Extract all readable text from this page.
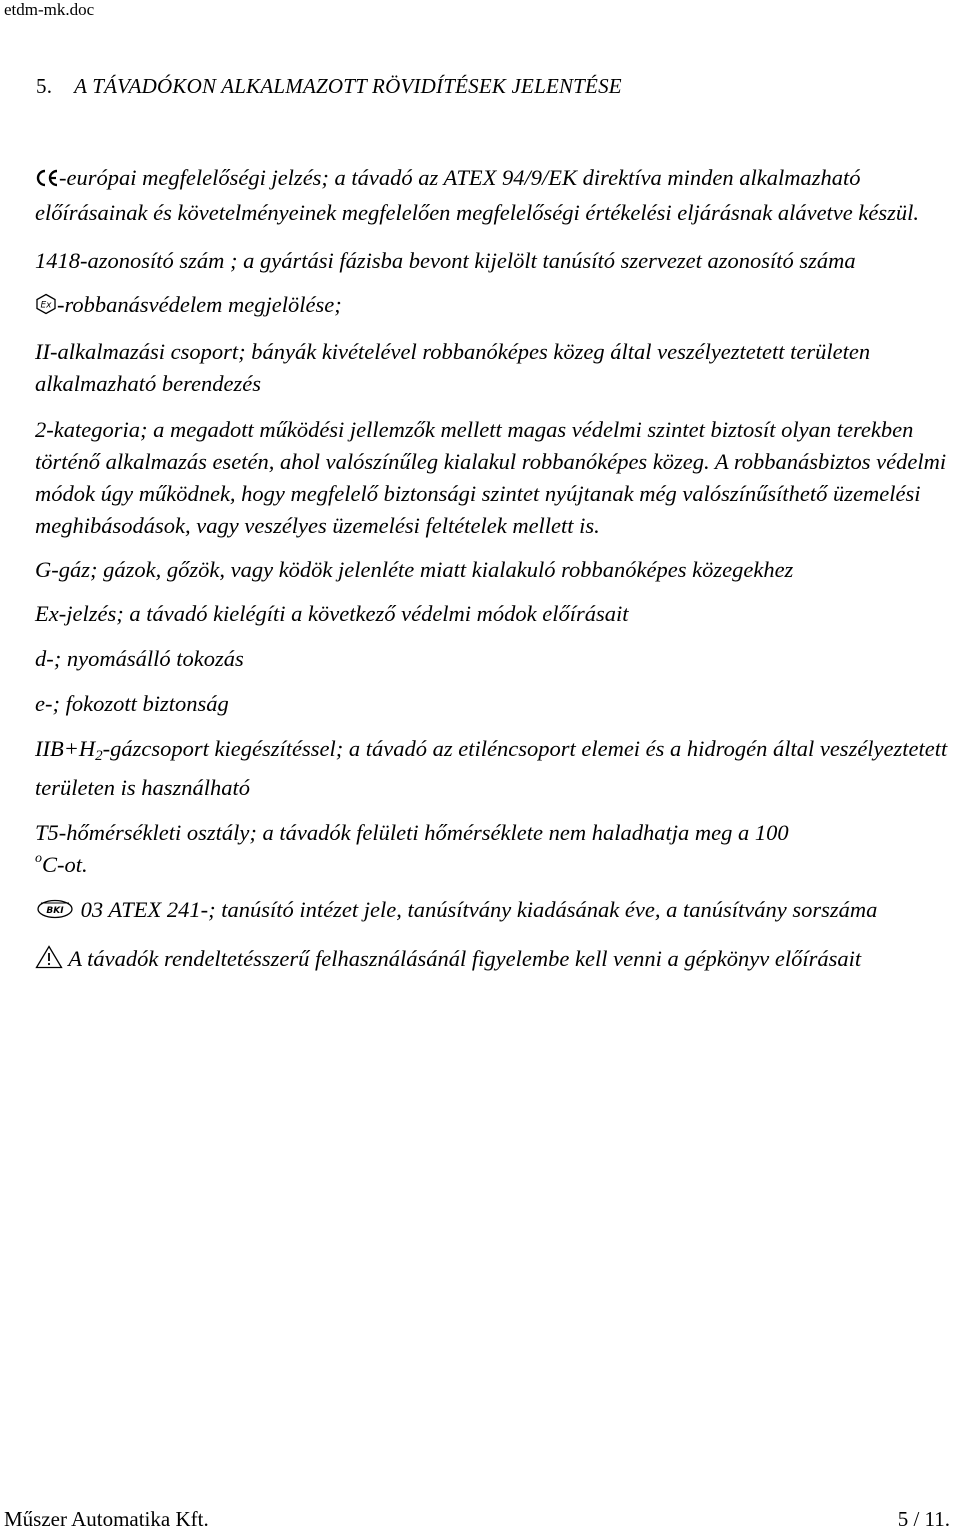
etdm-mk.doc
5. A TÁVADÓKON ALKALMAZOTT RÖVIDÍTÉSEK JELENTÉSE

-európai megfelelőségi jelzés; a távadó az ATEX 94/9/EK direktíva minden alkalmazható előírásainak és követelményeinek megfelelően megfelelőségi értékelési eljárásnak alávetve készül.

1418-azonosító szám ; a gyártási fázisba bevont kijelölt tanúsító szervezet azonosító száma

Ex -robbanásvédelem megjelölése;

II-alkalmazási csoport; bányák kivételével robbanóképes közeg által veszélyeztetett területen alkalmazható berendezés

2-kategoria; a megadott működési jellemzők mellett magas védelmi szintet biztosít olyan terekben történő alkalmazás esetén, ahol valószínűleg kialakul robbanóképes közeg. A robbanásbiztos védelmi módok úgy működnek, hogy megfelelő biztonsági szintet nyújtanak még valószínűsíthető üzemelési meghibásodások, vagy veszélyes üzemelési feltételek mellett is.

G-gáz; gázok, gőzök, vagy ködök jelenléte miatt kialakuló robbanóképes közegekhez

Ex-jelzés; a távadó kielégíti a következő védelmi módok előírásait

d-; nyomásálló tokozás

e-; fokozott biztonság

$IIB+H_2$-gázcsoport kiegészítéssel; a távadó az etiléncsoport elemei és a hidrogén által veszélyeztetett területen is használható

T5-hőmérsékleti osztály; a távadók felületi hőmérséklete nem haladhatja meg a 100
$^o$C-ot.

BKI 03 ATEX 241-; tanúsító intézet jele, tanúsítvány kiadásának éve, a tanúsítvány sorszáma

A távadók rendeltetésszerű felhasználásánál figyelembe kell venni a gépkönyv előírásait

Műszer Automatika Kft.	5 / 11.
